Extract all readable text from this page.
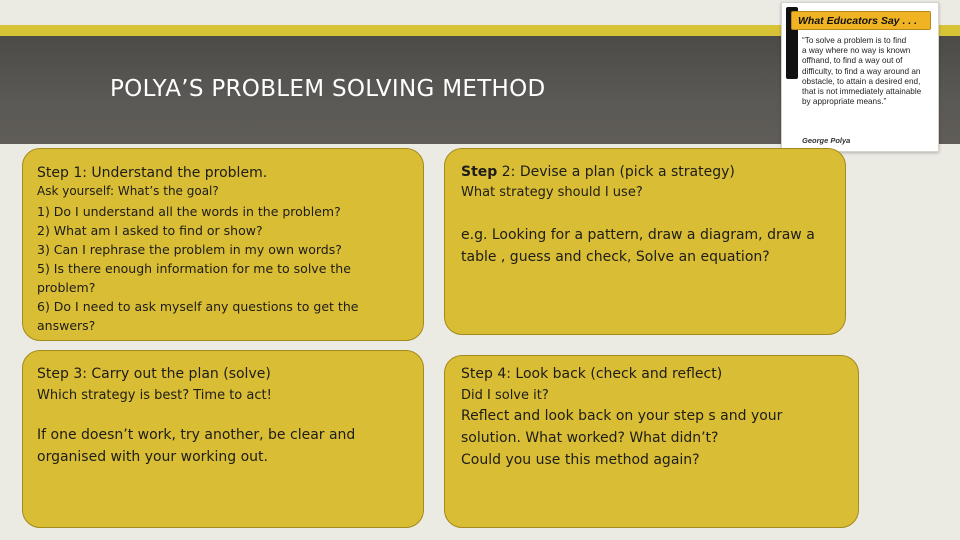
POLYA’S PROBLEM SOLVING METHOD
What Educators Say . . .
“To solve a problem is to find
a way where no way is known
offhand, to find a way out of
difficulty, to find a way around an
obstacle, to attain a desired end,
that is not immediately attainable
by appropriate means.”
George Polya
Step 1: Understand the problem.
Ask yourself: What’s the goal?
1) Do I understand all the words in the problem?
2) What am I asked to find or show?
3) Can I rephrase the problem in my own words?
5) Is there enough information for me to solve the
problem?
6) Do I need to ask myself any questions to get the
answers?
Step 2: Devise a plan (pick a strategy)
What strategy should I use?
e.g. Looking for a pattern, draw a diagram, draw a
table , guess and check, Solve an equation?
Step 3: Carry out the plan (solve)
Which strategy is best? Time to act!
If one doesn’t work, try another, be clear and
organised with your working out.
Step 4: Look back (check and reflect)
Did I solve it?
Reflect and look back on your step s and your
solution. What worked? What didn’t?
Could you use this method again?
